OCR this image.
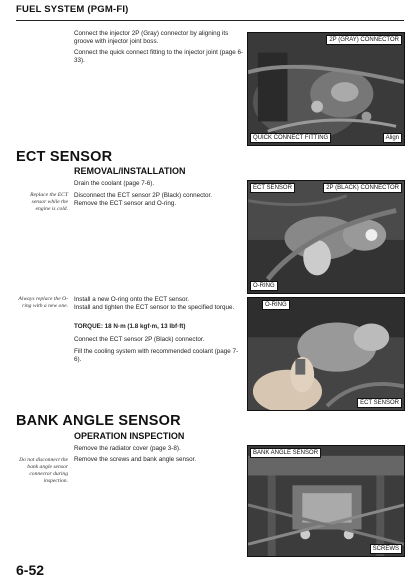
FUEL SYSTEM (PGM-FI)
Connect the injector 2P (Gray) connector by aligning its groove with injector joint boss.
Connect the quick connect fitting to the injector joint (page 6-33).
2P (GRAY) CONNECTOR
QUICK CONNECT FITTING	Align
ECT SENSOR
REMOVAL/INSTALLATION
Drain the coolant (page 7-6).
Replace the ECT sensor while the engine is cold.
Disconnect the ECT sensor 2P (Black) connector.
Remove the ECT sensor and O-ring.
ECT SENSOR	2P (BLACK) CONNECTOR
O-RING
Always replace the O-ring with a new one.
Install a new O-ring onto the ECT sensor.
Install and tighten the ECT sensor to the specified torque.
TORQUE: 18 N·m (1.8 kgf·m, 13 lbf·ft)
Connect the ECT sensor 2P (Black) connector.
Fill the cooling system with recommended coolant (page 7-6).
O-RING
ECT SENSOR
BANK ANGLE SENSOR
OPERATION INSPECTION
Remove the radiator cover (page 3-8).
Do not disconnect the bank angle sensor connector during inspection.
Remove the screws and bank angle sensor.
BANK ANGLE SENSOR
SCREWS
6-52
